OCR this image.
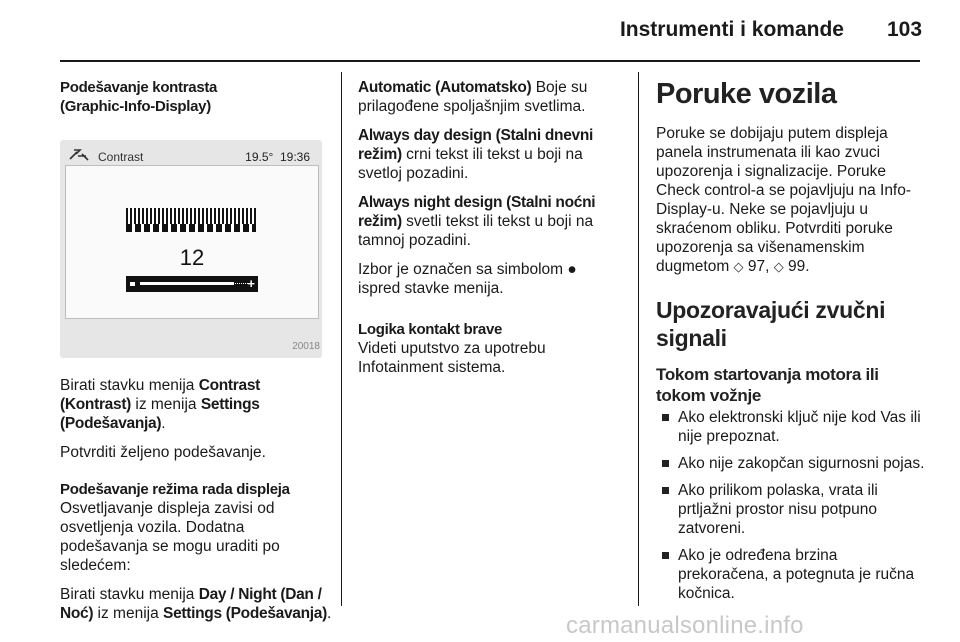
Instrumenti i komande 103
Podešavanje kontrasta
(Graphic-Info-Display)
Contrast	19.5° 19:36
12
+
20018

Birati stavku menija Contrast (Kontrast) iz menija Settings (Podešavanja).

Potvrditi željeno podešavanje.

Podešavanje režima rada displeja

Osvetljavanje displeja zavisi od osvetljenja vozila. Dodatna podešavanja se mogu uraditi po sledećem:

Birati stavku menija Day / Night (Dan / Noć) iz menija Settings (Podešavanja).

Automatic (Automatsko) Boje su prilagođene spoljašnjim svetlima.

Always day design (Stalni dnevni režim) crni tekst ili tekst u boji na svetloj pozadini.

Always night design (Stalni noćni režim) svetli tekst ili tekst u boji na tamnoj pozadini.

Izbor je označen sa simbolom ● ispred stavke menija.

Logika kontakt brave

Videti uputstvo za upotrebu Infotainment sistema.

Poruke vozila

Poruke se dobijaju putem displeja panela instrumenata ili kao zvuci upozorenja i signalizacije. Poruke Check control-a se pojavljuju na Info-Display-u. Neke se pojavljuju u skraćenom obliku. Potvrditi poruke upozorenja sa višenamenskim dugmetom ◇ 97, ◇ 99.

Upozoravajući zvučni signali
Tokom startovanja motora ili tokom vožnje
Ako elektronski ključ nije kod Vas ili nije prepoznat.
Ako nije zakopčan sigurnosni pojas.
Ako prilikom polaska, vrata ili prtljažni prostor nisu potpuno zatvoreni.
Ako je određena brzina prekoračena, a potegnuta je ručna kočnica.
carmanualsonline.info
